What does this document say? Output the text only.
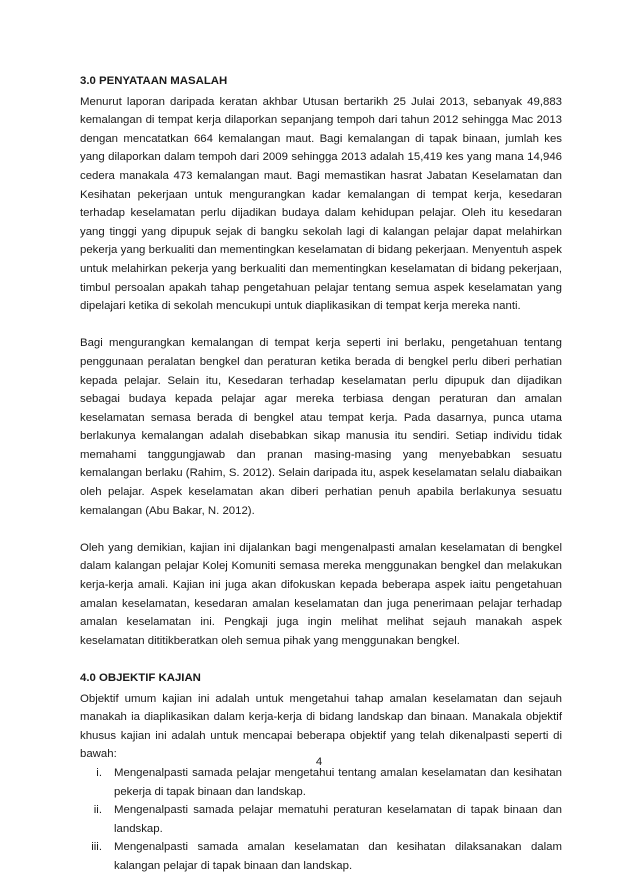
3.0 PENYATAAN MASALAH

Menurut laporan daripada keratan akhbar Utusan bertarikh 25 Julai 2013, sebanyak 49,883 kemalangan di tempat kerja dilaporkan sepanjang tempoh dari tahun 2012 sehingga Mac 2013 dengan mencatatkan 664 kemalangan maut. Bagi kemalangan di tapak binaan, jumlah kes yang dilaporkan dalam tempoh dari 2009 sehingga 2013 adalah 15,419 kes yang mana 14,946 cedera manakala 473 kemalangan maut. Bagi memastikan hasrat Jabatan Keselamatan dan Kesihatan pekerjaan untuk mengurangkan kadar kemalangan di tempat kerja, kesedaran terhadap keselamatan perlu dijadikan budaya dalam kehidupan pelajar. Oleh itu kesedaran yang tinggi yang dipupuk sejak di bangku sekolah lagi di kalangan pelajar dapat melahirkan pekerja yang berkualiti dan mementingkan keselamatan di bidang pekerjaan. Menyentuh aspek untuk melahirkan pekerja yang berkualiti dan mementingkan keselamatan di bidang pekerjaan, timbul persoalan apakah tahap pengetahuan pelajar tentang semua aspek keselamatan yang dipelajari ketika di sekolah mencukupi untuk diaplikasikan di tempat kerja mereka nanti.

Bagi mengurangkan kemalangan di tempat kerja seperti ini berlaku, pengetahuan tentang penggunaan peralatan bengkel dan peraturan ketika berada di bengkel perlu diberi perhatian kepada pelajar. Selain itu, Kesedaran terhadap keselamatan perlu dipupuk dan dijadikan sebagai budaya kepada pelajar agar mereka terbiasa dengan peraturan dan amalan keselamatan semasa berada di bengkel atau tempat kerja. Pada dasarnya, punca utama berlakunya kemalangan adalah disebabkan sikap manusia itu sendiri. Setiap individu tidak memahami tanggungjawab dan pranan masing-masing yang menyebabkan sesuatu kemalangan berlaku (Rahim, S. 2012). Selain daripada itu, aspek keselamatan selalu diabaikan oleh pelajar. Aspek keselamatan akan diberi perhatian penuh apabila berlakunya sesuatu kemalangan (Abu Bakar, N. 2012).

Oleh yang demikian, kajian ini dijalankan bagi mengenalpasti amalan keselamatan di bengkel dalam kalangan pelajar Kolej Komuniti semasa mereka menggunakan bengkel dan melakukan kerja-kerja amali. Kajian ini juga akan difokuskan kepada beberapa aspek iaitu pengetahuan amalan keselamatan, kesedaran amalan keselamatan dan juga penerimaan pelajar terhadap amalan keselamatan ini. Pengkaji juga ingin melihat melihat sejauh manakah aspek keselamatan dititikberatkan oleh semua pihak yang menggunakan bengkel.

4.0 OBJEKTIF KAJIAN

Objektif umum kajian ini adalah untuk mengetahui tahap amalan keselamatan dan sejauh manakah ia diaplikasikan dalam kerja-kerja di bidang landskap dan binaan. Manakala objektif khusus kajian ini adalah untuk mencapai beberapa objektif yang telah dikenalpasti seperti di bawah:

i. Mengenalpasti samada pelajar mengetahui tentang amalan keselamatan dan kesihatan pekerja di tapak binaan dan landskap.
ii. Mengenalpasti samada pelajar mematuhi peraturan keselamatan di tapak binaan dan landskap.
iii. Mengenalpasti samada amalan keselamatan dan kesihatan dilaksanakan dalam kalangan pelajar di tapak binaan dan landskap.
4
